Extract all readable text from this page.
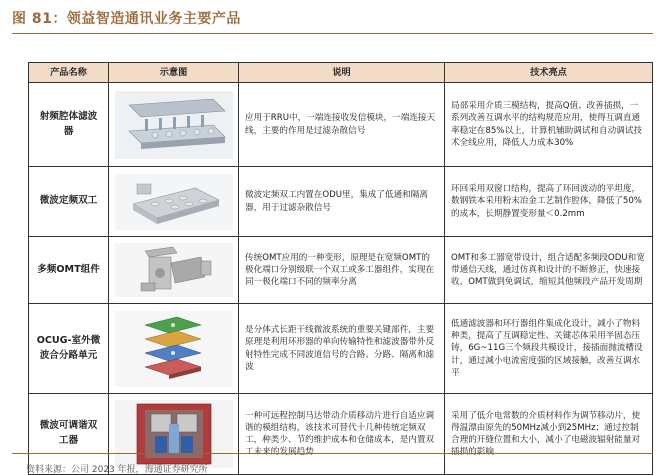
图 81：领益智造通讯业务主要产品
产品名称	示意图	说明	技术亮点
射频腔体滤波器		应用于RRU中，一端连接收发信模块，一端连接天线，主要的作用是过滤杂散信号	局部采用介质三模结构，提高Q值、改善插损，一系列改善互调水平的结构规范应用，使得互调直通率稳定在85%以上，计算机辅助调试和自动调试技术全线应用，降低人力成本30%
微波定频双工		微波定频双工内置在ODU里，集成了低通和隔离器，用于过滤杂散信号	环回采用双窗口结构，提高了环回波动的平坦度，数钢铁本采用粉末冶金工艺制作腔体，降低了50%的成本，长期静置变形量＜0.2mm
多频OMT组件		传统OMT应用的一种变形，原理是在宽频OMT的极化端口分别级联一个双工或多工器组件，实现在同一极化端口不同的频率分离	OMT和多工器宽带设计，组合适配多频段ODU和宽带通信天线，通过仿真和设计的不断修正，快速接收，OMT做到免调试，缩短其他频段产品开发周期
OCUG-室外微波合分路单元		是分体式长距干线微波系统的重要关键部件，主要原理是利用环形器的单向传输特性和滤波器带外反射特性完成不同波道信号的合路、分路、隔离和滤波	低通滤波器和环行器组件集成化设计，减小了物料种类，提高了互调稳定性、关键芯体采用半固态压铸，6G~11G三个频段共模设计，接插面抛流槽设计，通过减小电流密度强的区域接触，改善互调水平
微波可调谐双工器		一种可远程控制马达带动介质移动片进行自适应调谐的模组结构，该技术可替代十几种传统定频双工，种类少、节约维护成本和仓储成本，是内置双工未来的发展趋势	采用了低介电常数的介质材料作为调节移动片，使得温漂由原先的50MHz减小到25MHz；通过控制合理的开缝位置和大小，减小了电磁波辐射能量对插损的影响
资料来源：公司 2023 年报，海通证券研究所
